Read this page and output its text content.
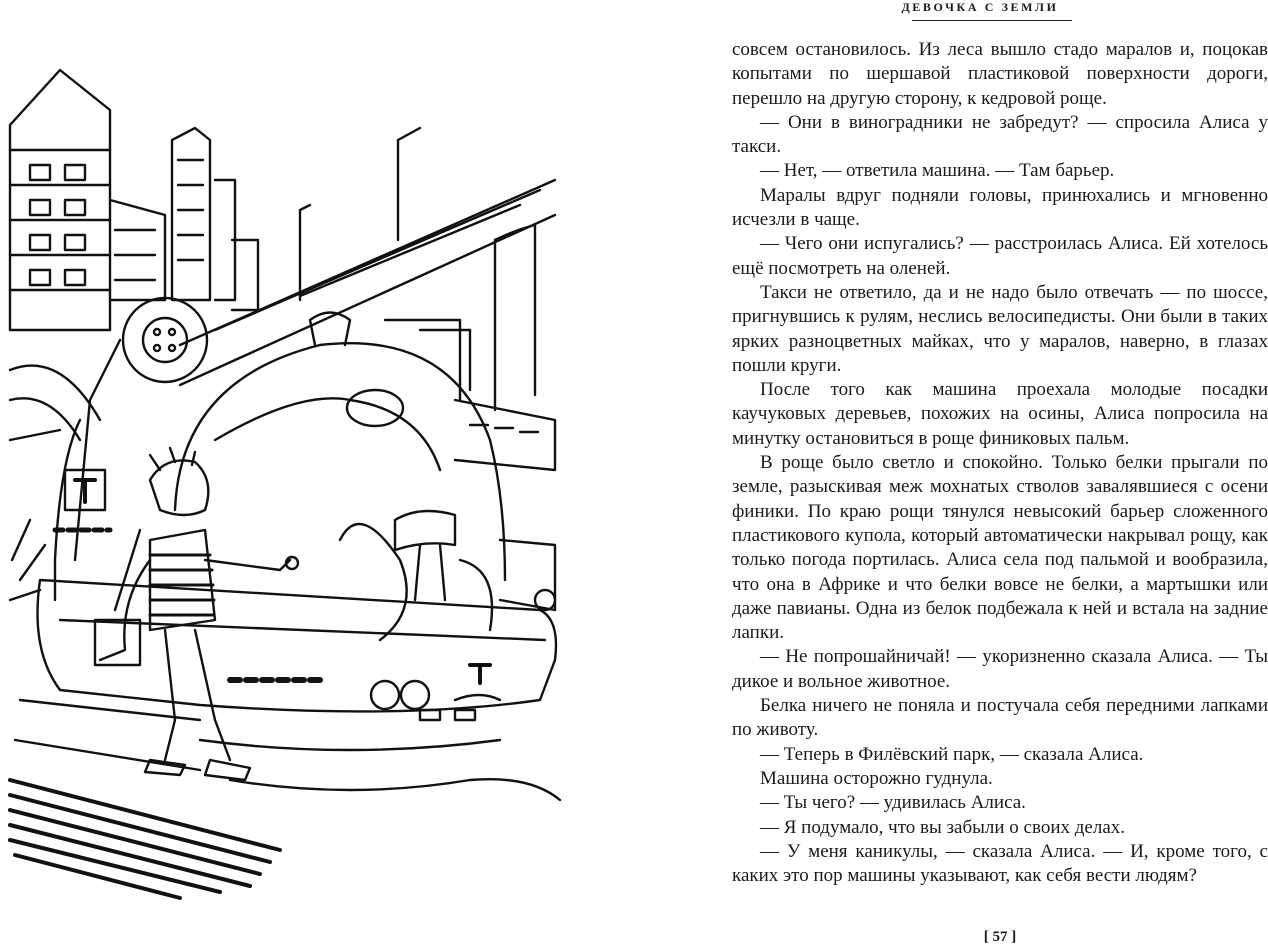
ДЕВОЧКА С ЗЕМЛИ

совсем остановилось. Из леса вышло стадо маралов и, поцокав копытами по шершавой пластиковой поверхности дороги, перешло на другую сторону, к кедровой роще.

— Они в виноградники не забредут? — спросила Алиса у такси.

— Нет, — ответила машина. — Там барьер.

Маралы вдруг подняли головы, принюхались и мгновенно исчезли в чаще.

— Чего они испугались? — расстроилась Алиса. Ей хотелось ещё посмотреть на оленей.

Такси не ответило, да и не надо было отвечать — по шоссе, пригнувшись к рулям, неслись велосипедисты. Они были в таких ярких разноцветных майках, что у маралов, наверно, в глазах пошли круги.

После того как машина проехала молодые посадки каучуковых деревьев, похожих на осины, Алиса попросила на минутку остановиться в роще финиковых пальм.

В роще было светло и спокойно. Только белки прыгали по земле, разыскивая меж мохнатых стволов завалявшиеся с осени финики. По краю рощи тянулся невысокий барьер сложенного пластикового купола, который автоматически накрывал рощу, как только погода портилась. Алиса села под пальмой и вообразила, что она в Африке и что белки вовсе не белки, а мартышки или даже павианы. Одна из белок подбежала к ней и встала на задние лапки.

— Не попрошайничай! — укоризненно сказала Алиса. — Ты дикое и вольное животное.

Белка ничего не поняла и постучала себя передними лапками по животу.

— Теперь в Филёвский парк, — сказала Алиса.

Машина осторожно гуднула.

— Ты чего? — удивилась Алиса.

— Я подумало, что вы забыли о своих делах.

— У меня каникулы, — сказала Алиса. — И, кроме того, с каких это пор машины указывают, как себя вести людям?

[ 57 ]
